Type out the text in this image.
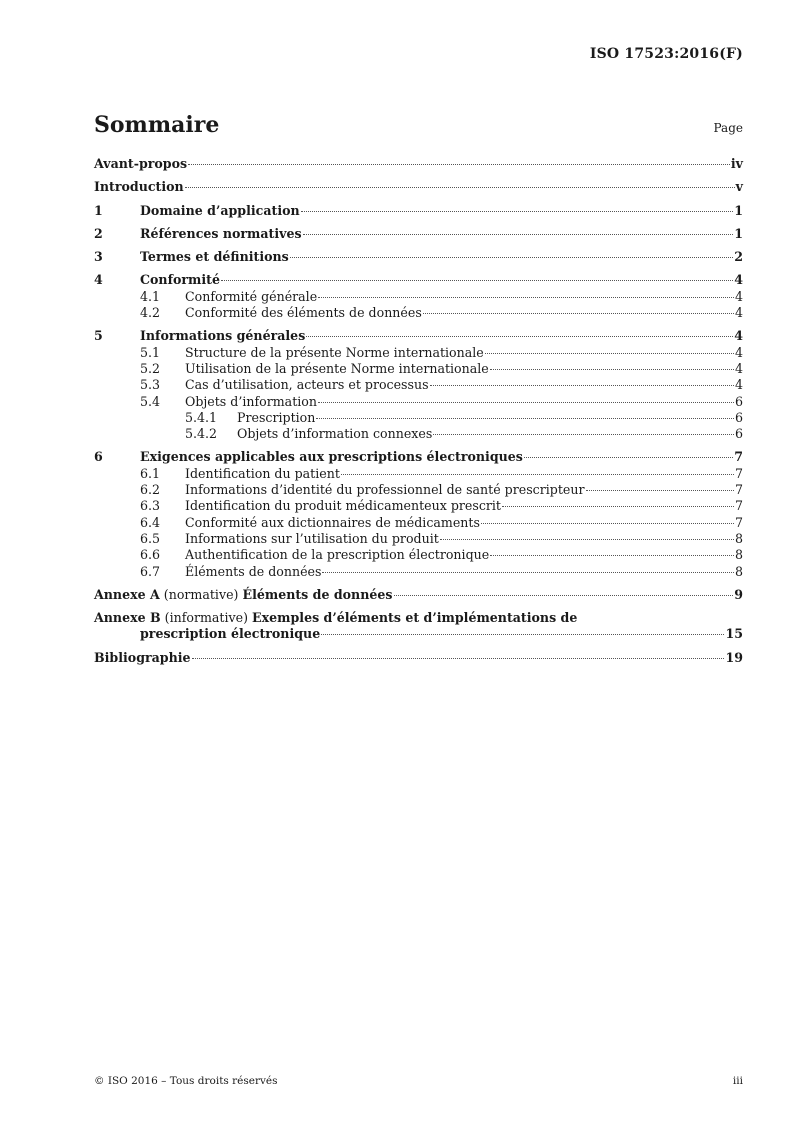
ISO 17523:2016(F)
Sommaire	Page
Avant-propos	iv
Introduction	v
1	Domaine d’application	1
2	Références normatives	1
3	Termes et définitions	2
4	Conformité	4
4.1	Conformité générale	4
4.2	Conformité des éléments de données	4
5	Informations générales	4
5.1	Structure de la présente Norme internationale	4
5.2	Utilisation de la présente Norme internationale	4
5.3	Cas d’utilisation, acteurs et processus	4
5.4	Objets d’information	6
5.4.1	Prescription	6
5.4.2	Objets d’information connexes	6
6	Exigences applicables aux prescriptions électroniques	7
6.1	Identification du patient	7
6.2	Informations d’identité du professionnel de santé prescripteur	7
6.3	Identification du produit médicamenteux prescrit	7
6.4	Conformité aux dictionnaires de médicaments	7
6.5	Informations sur l’utilisation du produit	8
6.6	Authentification de la prescription électronique	8
6.7	Éléments de données	8
Annexe A (normative) Éléments de données	9
Annexe B (informative) Exemples d’éléments et d’implémentations de
prescription électronique	15
Bibliographie	19
© ISO 2016 – Tous droits réservés	iii
